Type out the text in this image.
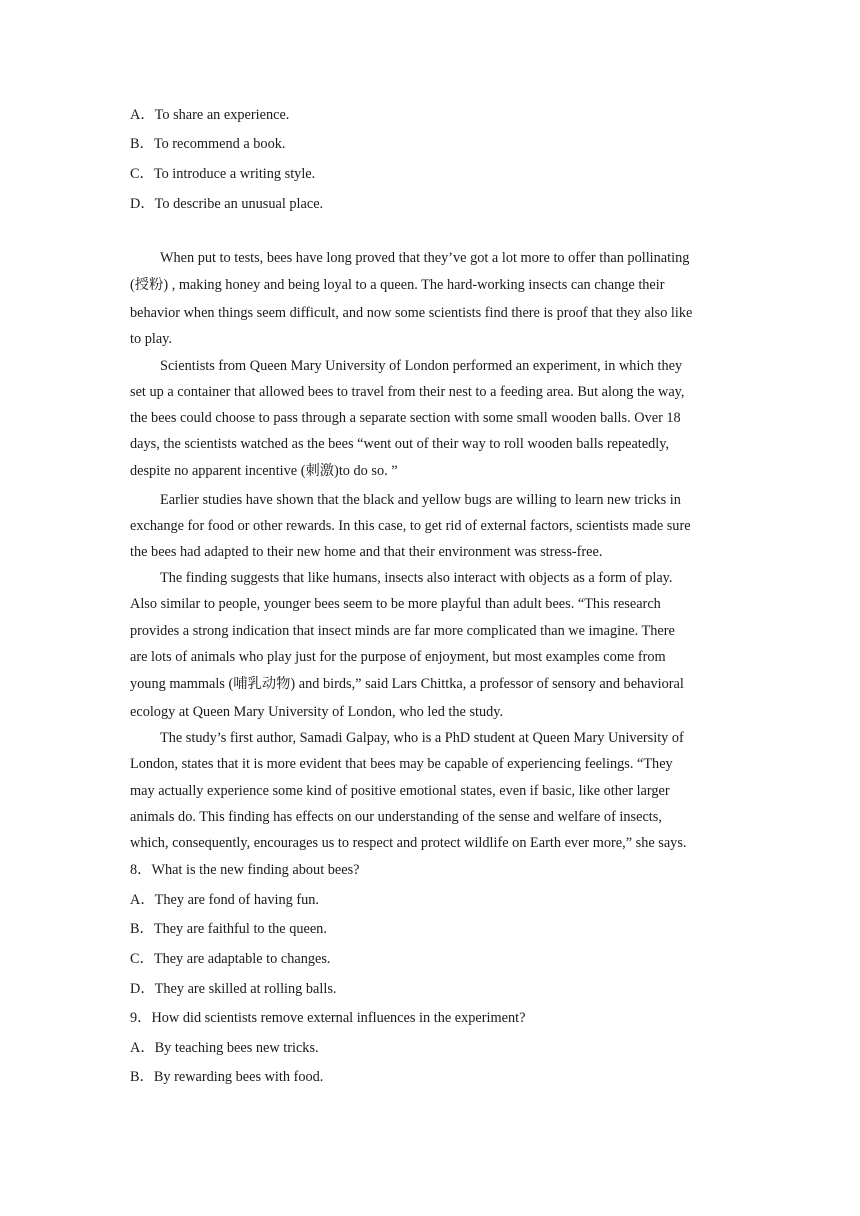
A．To share an experience.
B．To recommend a book.
C．To introduce a writing style.
D．To describe an unusual place.
When put to tests, bees have long proved that they’ve got a lot more to offer than pollinating
(授粉) , making honey and being loyal to a queen. The hard-working insects can change their
behavior when things seem difficult, and now some scientists find there is proof that they also like
to play.
Scientists from Queen Mary University of London performed an experiment, in which they
set up a container that allowed bees to travel from their nest to a feeding area. But along the way,
the bees could choose to pass through a separate section with some small wooden balls. Over 18
days, the scientists watched as the bees “went out of their way to roll wooden balls repeatedly,
despite no apparent incentive (刺激)to do so. ”
Earlier studies have shown that the black and yellow bugs are willing to learn new tricks in
exchange for food or other rewards. In this case, to get rid of external factors, scientists made sure
the bees had adapted to their new home and that their environment was stress-free.
The finding suggests that like humans, insects also interact with objects as a form of play.
Also similar to people, younger bees seem to be more playful than adult bees. “This research
provides a strong indication that insect minds are far more complicated than we imagine. There
are lots of animals who play just for the purpose of enjoyment, but most examples come from
young mammals (哺乳动物) and birds,” said Lars Chittka, a professor of sensory and behavioral
ecology at Queen Mary University of London, who led the study.
The study’s first author, Samadi Galpay, who is a PhD student at Queen Mary University of
London, states that it is more evident that bees may be capable of experiencing feelings. “They
may actually experience some kind of positive emotional states, even if basic, like other larger
animals do. This finding has effects on our understanding of the sense and welfare of insects,
which, consequently, encourages us to respect and protect wildlife on Earth ever more,” she says.
8．What is the new finding about bees?
A．They are fond of having fun.
B．They are faithful to the queen.
C．They are adaptable to changes.
D．They are skilled at rolling balls.
9．How did scientists remove external influences in the experiment?
A．By teaching bees new tricks.
B．By rewarding bees with food.
